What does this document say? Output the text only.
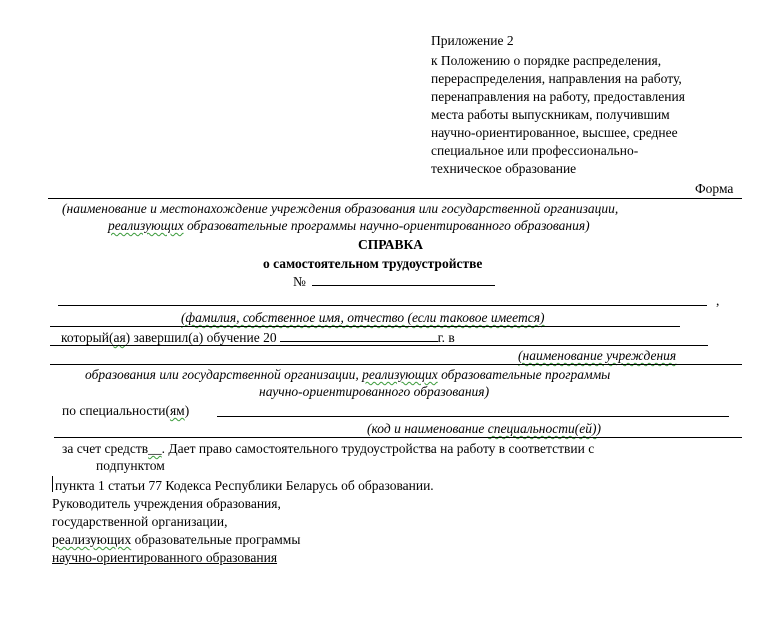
Приложение 2
к Положению о порядке распределения,
перераспределения, направления на работу,
перенаправления на работу, предоставления
места работы выпускникам, получившим
научно-ориентированное, высшее, среднее
специальное или профессионально-
техническое образование
Форма
(наименование и местонахождение учреждения образования или государственной организации,
реализующих образовательные программы научно-ориентированного образования)
СПРАВКА
о самостоятельном трудоустройстве
№
,
(фамилия, собственное имя, отчество (если таковое имеется)
который(ая) завершил(а) обучение 20	г. в
(наименование учреждения
образования или государственной организации, реализующих образовательные программы
научно-ориентированного образования)
по специальности(ям)
(код и наименование специальности(ей))
за счет средств__. Дает право самостоятельного трудоустройства на работу в соответствии с
подпунктом
пункта 1 статьи 77 Кодекса Республики Беларусь об образовании.
Руководитель учреждения образования,
государственной организации,
реализующих образовательные программы
научно-ориентированного образования
